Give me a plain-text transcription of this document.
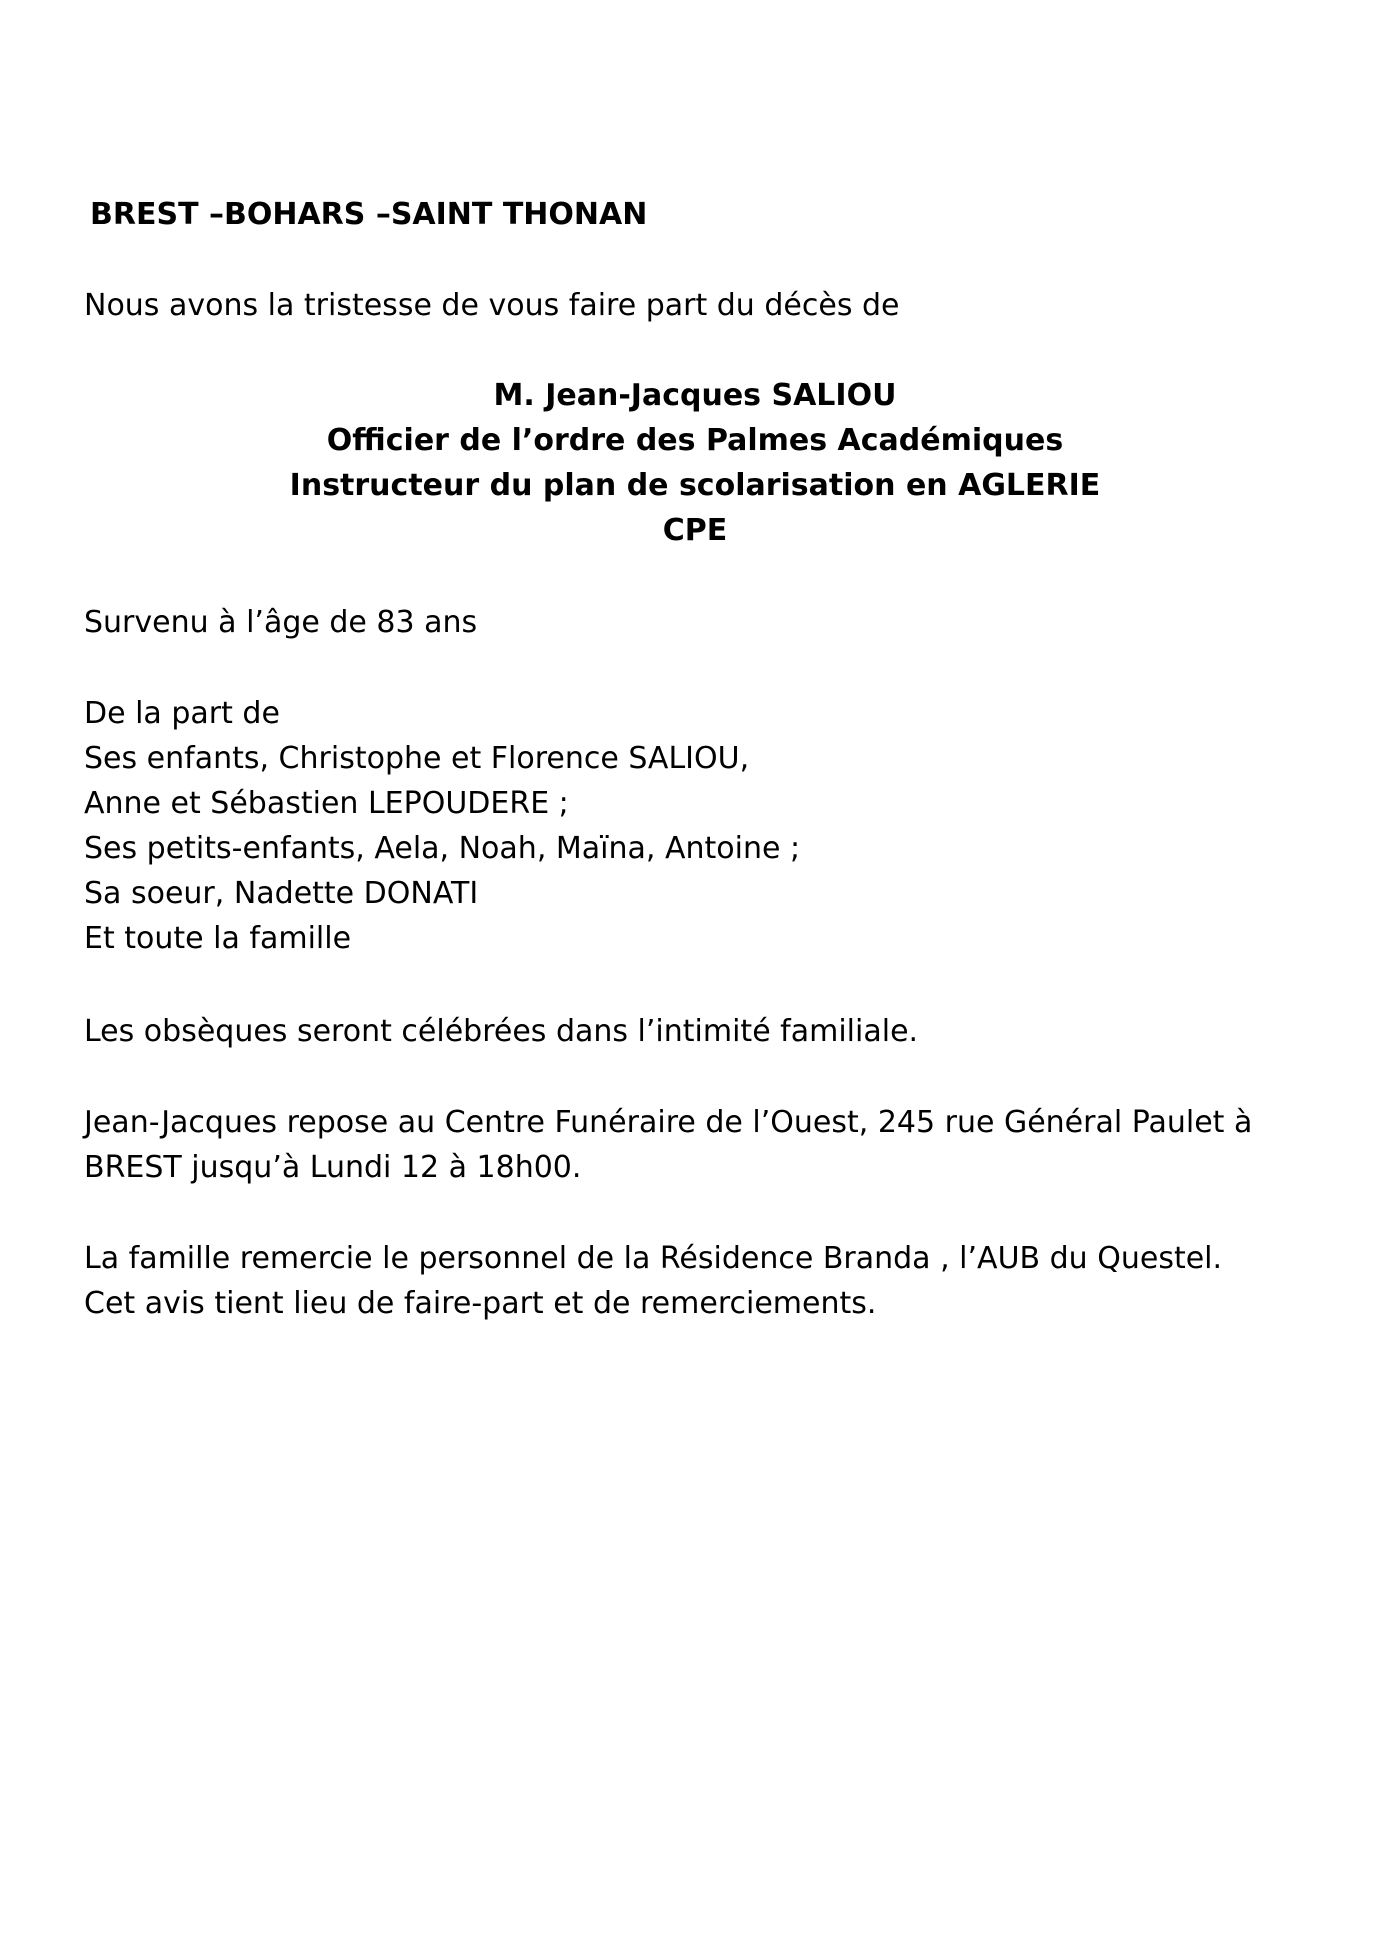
BREST –BOHARS –SAINT THONAN
Nous avons la tristesse de vous faire part du décès de
M. Jean-Jacques SALIOU
Officier de l’ordre des Palmes Académiques
Instructeur du plan de scolarisation en AGLERIE
CPE
Survenu à l’âge de 83 ans
De la part de
Ses enfants, Christophe et Florence SALIOU,
Anne et Sébastien LEPOUDERE ;
Ses petits-enfants, Aela, Noah, Maïna, Antoine ;
Sa soeur, Nadette DONATI
Et toute la famille
Les obsèques seront célébrées dans l’intimité familiale.
Jean-Jacques repose au Centre Funéraire de l’Ouest, 245 rue Général Paulet à
BREST jusqu’à Lundi 12 à 18h00.
La famille remercie le personnel de la Résidence Branda , l’AUB du Questel.
Cet avis tient lieu de faire-part et de remerciements.
